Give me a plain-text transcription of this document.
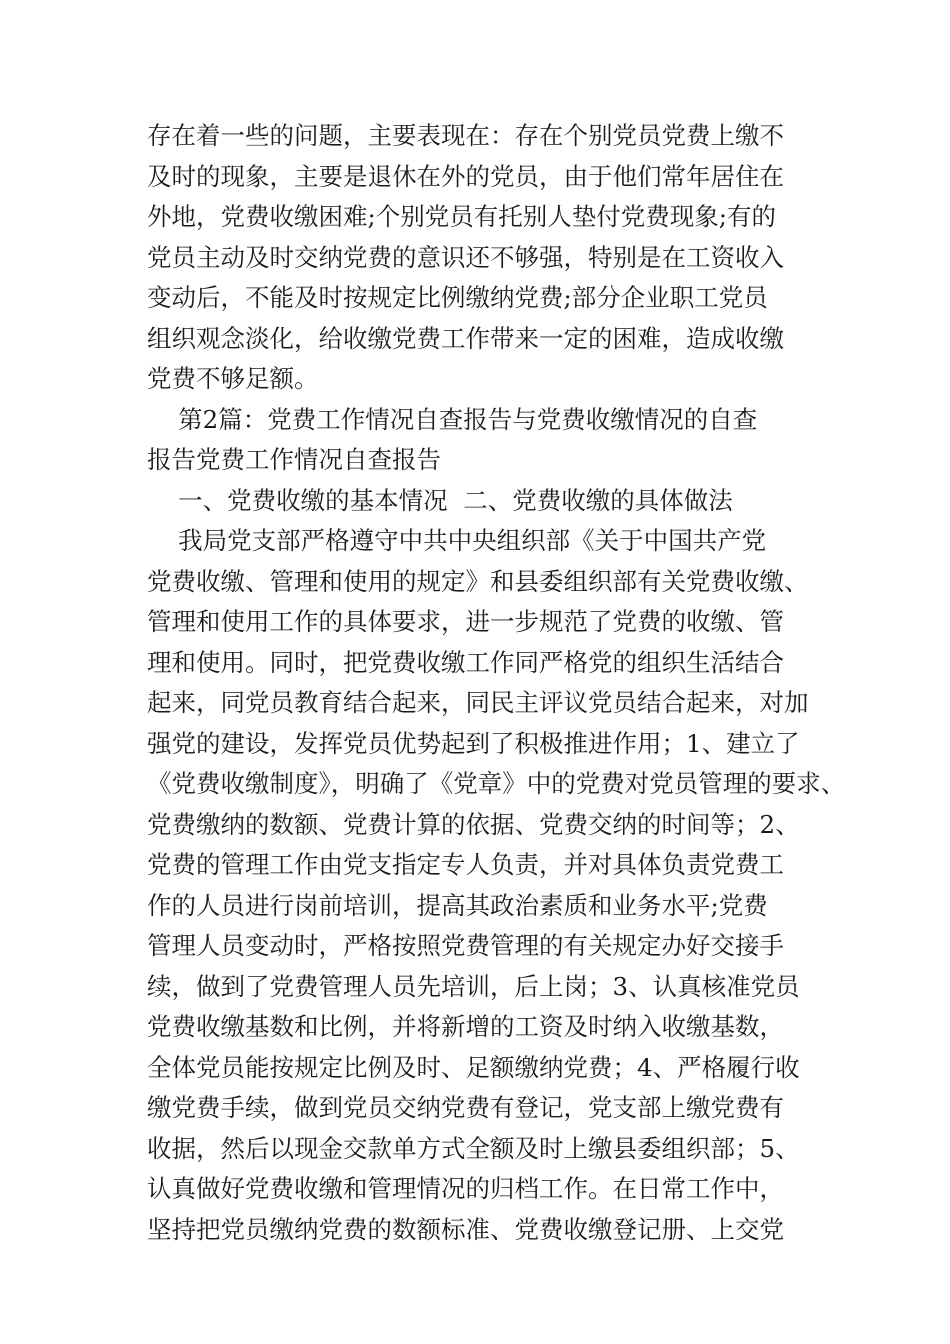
存在着一些的问题，主要表现在：存在个别党员党费上缴不
及时的现象，主要是退休在外的党员，由于他们常年居住在
外地，党费收缴困难;个别党员有托别人垫付党费现象;有的
党员主动及时交纳党费的意识还不够强，特别是在工资收入
变动后，不能及时按规定比例缴纳党费;部分企业职工党员
组织观念淡化，给收缴党费工作带来一定的困难，造成收缴
党费不够足额。
第2篇：党费工作情况自查报告与党费收缴情况的自查
报告党费工作情况自查报告
一、党费收缴的基本情况  二、党费收缴的具体做法
我局党支部严格遵守中共中央组织部《关于中国共产党
党费收缴、管理和使用的规定》和县委组织部有关党费收缴、
管理和使用工作的具体要求，进一步规范了党费的收缴、管
理和使用。同时，把党费收缴工作同严格党的组织生活结合
起来，同党员教育结合起来，同民主评议党员结合起来，对加
强党的建设，发挥党员优势起到了积极推进作用；1、建立了
《党费收缴制度》，明确了《党章》中的党费对党员管理的要求、
党费缴纳的数额、党费计算的依据、党费交纳的时间等；2、
党费的管理工作由党支指定专人负责，并对具体负责党费工
作的人员进行岗前培训，提高其政治素质和业务水平;党费
管理人员变动时，严格按照党费管理的有关规定办好交接手
续，做到了党费管理人员先培训，后上岗；3、认真核准党员
党费收缴基数和比例，并将新增的工资及时纳入收缴基数，
全体党员能按规定比例及时、足额缴纳党费；4、严格履行收
缴党费手续，做到党员交纳党费有登记，党支部上缴党费有
收据，然后以现金交款单方式全额及时上缴县委组织部；5、
认真做好党费收缴和管理情况的归档工作。在日常工作中，
坚持把党员缴纳党费的数额标准、党费收缴登记册、上交党
